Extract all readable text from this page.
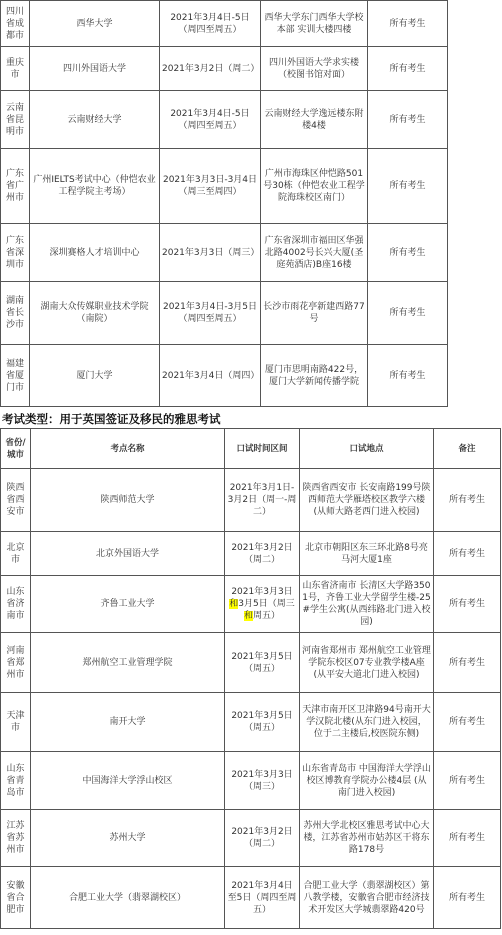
四川省成都市	西华大学	2021年3月4日-5日（周四至周五）	西华大学东门西华大学校本部 实训大楼四楼	所有考生
重庆市	四川外国语大学	2021年3月2日（周二）	四川外国语大学求实楼（校图书馆对面）	所有考生
云南省昆明市	云南财经大学	2021年3月4日-5日（周四至周五）	云南财经大学逸远楼东附楼4楼	所有考生
广东省广州市	广州IELTS考试中心（仲恺农业工程学院主考场）	2021年3月3日-3月4日（周三至周四）	广州市海珠区仲恺路501号30栋（仲恺农业工程学院海珠校区南门）	所有考生
广东省深圳市	深圳赛格人才培训中心	2021年3月3日（周三）	广东省深圳市福田区华强北路4002号长兴大厦(圣庭苑酒店)B座16楼	所有考生
湖南省长沙市	湖南大众传媒职业技术学院（南院）	2021年3月4日-3月5日（周四至周五）	长沙市雨花亭新建西路77号	所有考生
福建省厦门市	厦门大学	2021年3月4日（周四）	厦门市思明南路422号，厦门大学新闻传播学院	所有考生
考试类型：用于英国签证及移民的雅思考试
省份/城市	考点名称	口试时间区间	口试地点	备注
陕西省西安市	陕西师范大学	2021年3月1日-3月2日（周一-周二）	陕西省西安市 长安南路199号陕西师范大学雁塔校区教学六楼(从师大路老西门进入校园)	所有考生
北京市	北京外国语大学	2021年3月2日（周二）	北京市朝阳区东三环北路8号亮马河大厦1座	所有考生
山东省济南市	齐鲁工业大学	2021年3月3日和3月5日（周三和周五）	山东省济南市 长清区大学路3501号，齐鲁工业大学留学生楼-25#学生公寓(从西纬路北门进入校园)	所有考生
河南省郑州市	郑州航空工业管理学院	2021年3月5日（周五）	河南省郑州市 郑州航空工业管理学院东校区07专业教学楼A座(从平安大道北门进入校园)	所有考生
天津市	南开大学	2021年3月5日（周五）	天津市南开区卫津路94号南开大学汉院北楼(从东门进入校园，位于二主楼后,校医院东侧)	所有考生
山东省青岛市	中国海洋大学浮山校区	2021年3月3日（周三）	山东省青岛市 中国海洋大学浮山校区博教育学院办公楼4层 (从南门进入校园)	所有考生
江苏省苏州市	苏州大学	2021年3月2日（周二）	苏州大学北校区雅思考试中心大楼，江苏省苏州市姑苏区干将东路178号	所有考生
安徽省合肥市	合肥工业大学（翡翠湖校区）	2021年3月4日至5日（周四至周五）	合肥工业大学（翡翠湖校区）第八教学楼，安徽省合肥市经济技术开发区大学城翡翠路420号	所有考生
